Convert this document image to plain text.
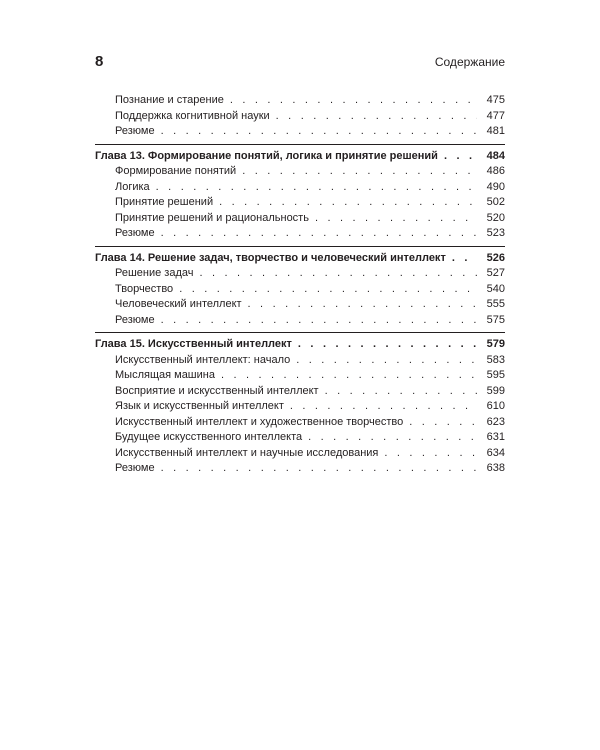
8	Содержание
Познание и старение . . .	475
Поддержка когнитивной науки . . .	477
Резюме . . .	481
Глава 13. Формирование понятий, логика и принятие решений . . .	484
Формирование понятий . . .	486
Логика . . .	490
Принятие решений . . .	502
Принятие решений и рациональность . . .	520
Резюме . . .	523
Глава 14. Решение задач, творчество и человеческий интеллект . . .	526
Решение задач . . .	527
Творчество . . .	540
Человеческий интеллект . . .	555
Резюме . . .	575
Глава 15. Искусственный интеллект . . .	579
Искусственный интеллект: начало . . .	583
Мыслящая машина . . .	595
Восприятие и искусственный интеллект . . .	599
Язык и искусственный интеллект . . .	610
Искусственный интеллект и художественное творчество . . .	623
Будущее искусственного интеллекта . . .	631
Искусственный интеллект и научные исследования . . .	634
Резюме . . .	638
